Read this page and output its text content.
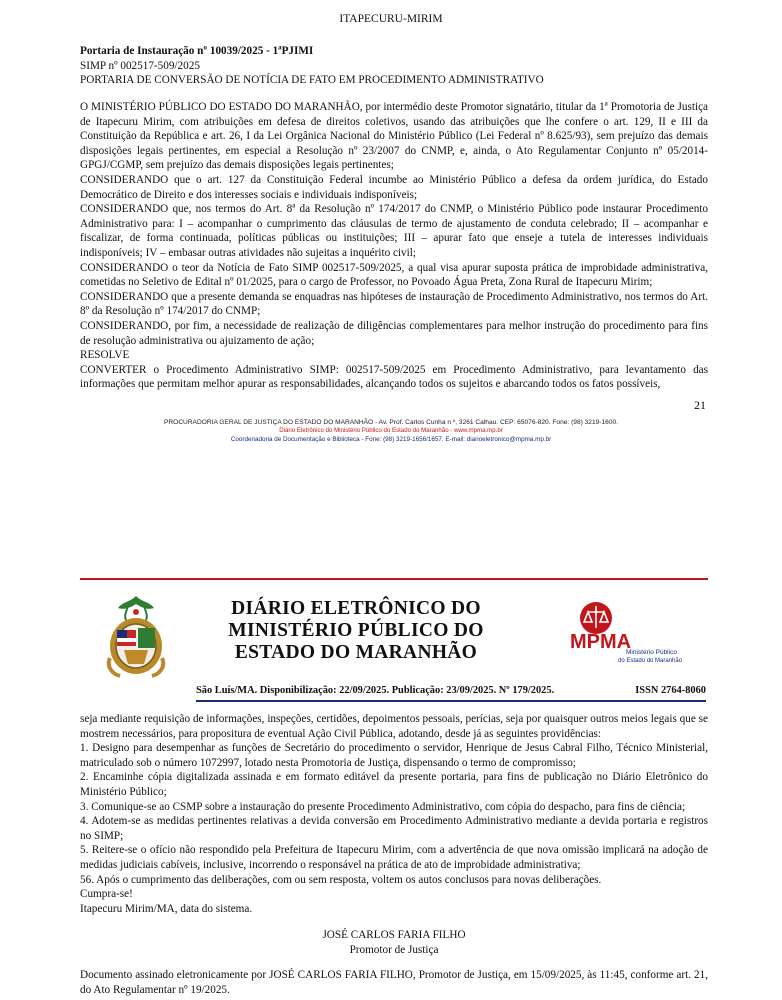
ITAPECURU-MIRIM

Portaria de Instauração nº 10039/2025 - 1ªPJIMI

SIMP nº 002517-509/2025

PORTARIA DE CONVERSÃO DE NOTÍCIA DE FATO EM PROCEDIMENTO ADMINISTRATIVO

O MINISTÉRIO PÚBLICO DO ESTADO DO MARANHÃO, por intermédio deste Promotor signatário, titular da 1ª Promotoria de Justiça de Itapecuru Mirim, com atribuições em defesa de direitos coletivos, usando das atribuições que lhe confere o art. 129, II e III da Constituição da República e art. 26, I da Lei Orgânica Nacional do Ministério Público (Lei Federal nº 8.625/93), sem prejuízo das demais disposições legais pertinentes, em especial a Resolução nº 23/2007 do CNMP, e, ainda, o Ato Regulamentar Conjunto nº 05/2014-GPGJ/CGMP, sem prejuízo das demais disposições legais pertinentes;

CONSIDERANDO que o art. 127 da Constituição Federal incumbe ao Ministério Público a defesa da ordem jurídica, do Estado Democrático de Direito e dos interesses sociais e individuais indisponíveis;

CONSIDERANDO que, nos termos do Art. 8ª da Resolução nº 174/2017 do CNMP, o Ministério Público pode instaurar Procedimento Administrativo para: I – acompanhar o cumprimento das cláusulas de termo de ajustamento de conduta celebrado; II – acompanhar e fiscalizar, de forma continuada, políticas públicas ou instituições; III – apurar fato que enseje a tutela de interesses individuais indisponíveis; IV – embasar outras atividades não sujeitas a inquérito civil;

CONSIDERANDO o teor da Notícia de Fato SIMP 002517-509/2025, a qual visa apurar suposta prática de improbidade administrativa, cometidas no Seletivo de Edital nº 01/2025, para o cargo de Professor, no Povoado Água Preta, Zona Rural de Itapecuru Mirim;

CONSIDERANDO que a presente demanda se enquadras nas hipóteses de instauração de Procedimento Administrativo, nos termos do Art. 8º da Resolução nº 174/2017 do CNMP;

CONSIDERANDO, por fim, a necessidade de realização de diligências complementares para melhor instrução do procedimento para fins de resolução administrativa ou ajuizamento de ação;

RESOLVE

CONVERTER o Procedimento Administrativo SIMP: 002517-509/2025 em Procedimento Administrativo, para levantamento das informações que permitam melhor apurar as responsabilidades, alcançando todos os sujeitos e abarcando todos os fatos possíveis,

21
PROCURADORIA GERAL DE JUSTIÇA DO ESTADO DO MARANHÃO - Av. Prof. Carlos Cunha n º, 3261 Calhau. CEP: 65076-820. Fone: (98) 3219-1600.
Diário Eletrônico do Ministério Público do Estado do Maranhão - www.mpma.mp.br
Coordenadoria de Documentação e Biblioteca - Fone: (98) 3219-1656/1657. E-mail: diarioeletronico@mpma.mp.br
DIÁRIO ELETRÔNICO DO
MINISTÉRIO PÚBLICO DO
ESTADO DO MARANHÃO	MPMA
Ministério Público
do Estado do Maranhão
São Luís/MA. Disponibilização: 22/09/2025. Publicação: 23/09/2025. Nº 179/2025.	ISSN 2764-8060

seja mediante requisição de informações, inspeções, certidões, depoimentos pessoais, perícias, seja por quaisquer outros meios legais que se mostrem necessários, para propositura de eventual Ação Civil Pública, adotando, desde já as seguintes providências:

1. Designo para desempenhar as funções de Secretário do procedimento o servidor, Henrique de Jesus Cabral Filho, Técnico Ministerial, matriculado sob o número 1072997, lotado nesta Promotoria de Justiça, dispensando o termo de compromisso;

2. Encaminhe cópia digitalizada assinada e em formato editável da presente portaria, para fins de publicação no Diário Eletrônico do Ministério Público;

3. Comunique-se ao CSMP sobre a instauração do presente Procedimento Administrativo, com cópia do despacho, para fins de ciência;

4. Adotem-se as medidas pertinentes relativas a devida conversão em Procedimento Administrativo mediante a devida portaria e registros no SIMP;

5. Reitere-se o ofício não respondido pela Prefeitura de Itapecuru Mirim, com a advertência de que nova omissão implicará na adoção de medidas judiciais cabíveis, inclusive, incorrendo o responsável na prática de ato de improbidade administrativa;

56. Após o cumprimento das deliberações, com ou sem resposta, voltem os autos conclusos para novas deliberações.

Cumpra-se!

Itapecuru Mirim/MA, data do sistema.

JOSÉ CARLOS FARIA FILHO

Promotor de Justiça

Documento assinado eletronicamente por JOSÉ CARLOS FARIA FILHO, Promotor de Justiça, em 15/09/2025, às 11:45, conforme art. 21, do Ato Regulamentar nº 19/2025.
